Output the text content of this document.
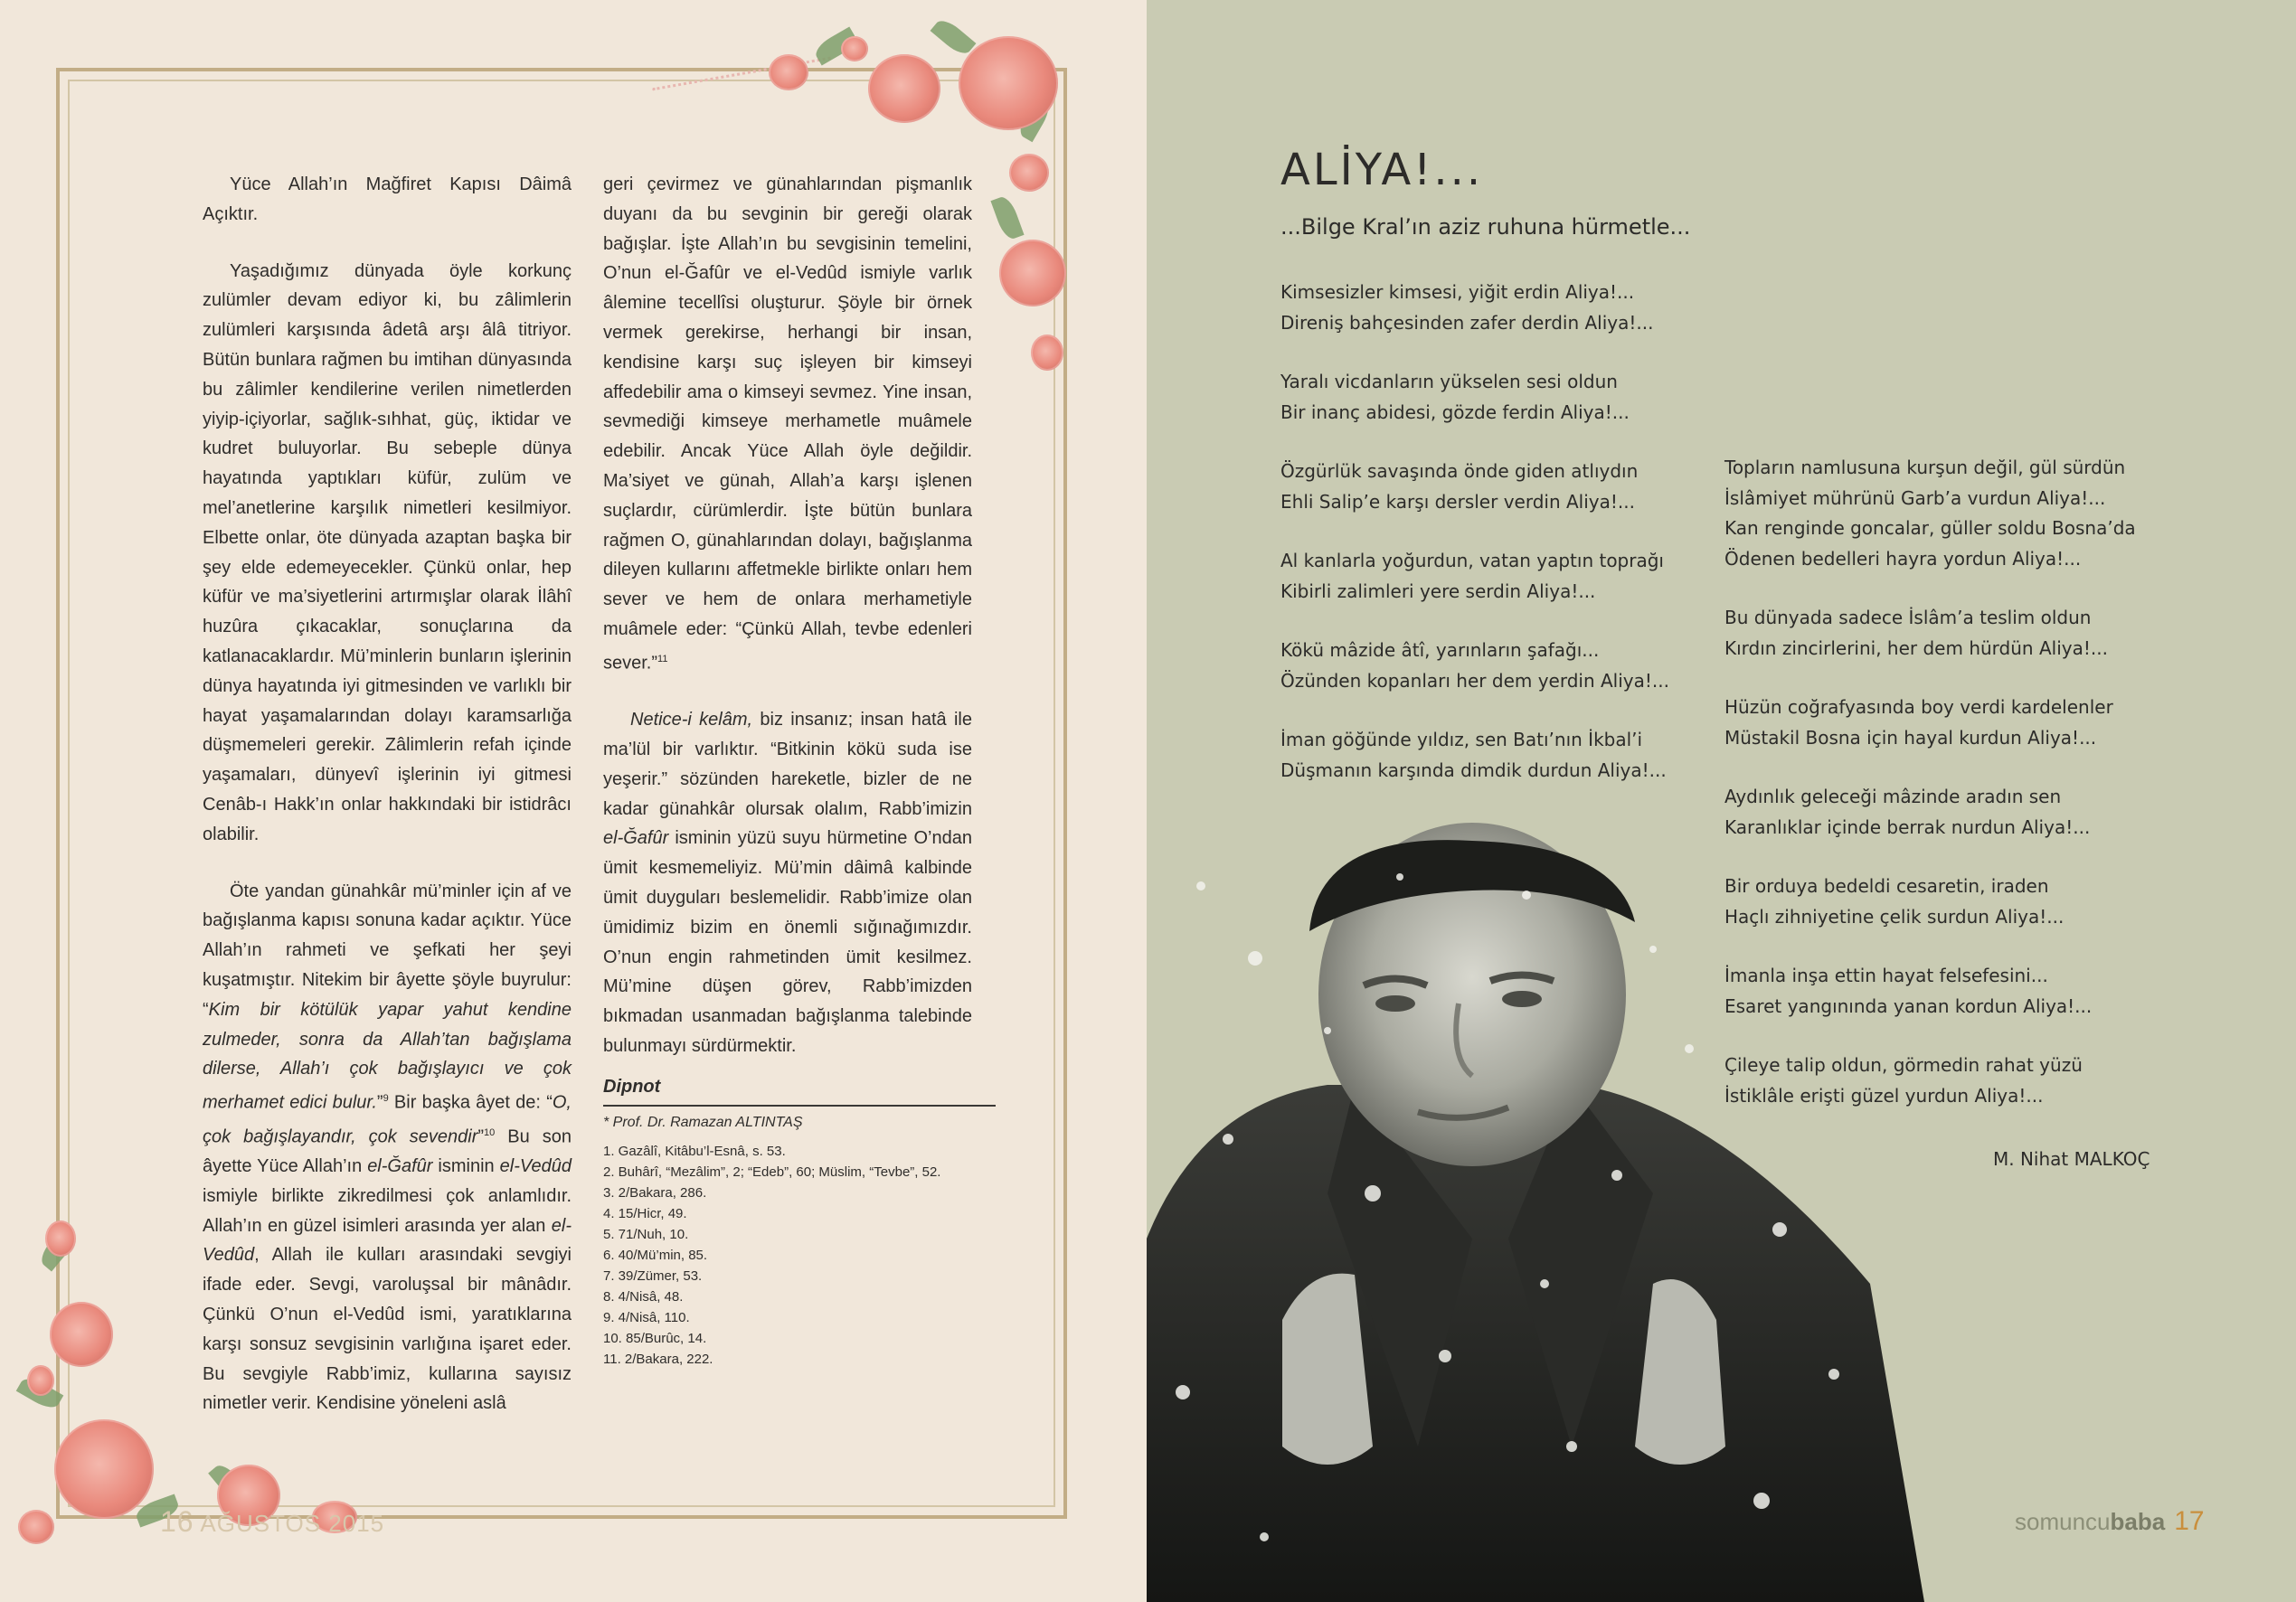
Yüce Allah’ın Mağfiret Kapısı Dâimâ Açıktır.

Yaşadığımız dünyada öyle korkunç zulümler devam ediyor ki, bu zâlimlerin zulümleri karşısında âdetâ arşı âlâ titriyor. Bütün bunlara rağmen bu imtihan dünyasında bu zâlimler kendilerine verilen nimetlerden yiyip-içiyorlar, sağlık-sıhhat, güç, iktidar ve kudret buluyorlar. Bu sebeple dünya hayatında yaptıkları küfür, zulüm ve mel’anetlerine karşılık nimetleri kesilmiyor. Elbette onlar, öte dünyada azaptan başka bir şey elde edemeyecekler. Çünkü onlar, hep küfür ve ma’siyetlerini artırmışlar olarak İlâhî huzûra çıkacaklar, sonuçlarına da katlanacaklardır. Mü’minlerin bunların işlerinin dünya hayatında iyi gitmesinden ve varlıklı bir hayat yaşamalarından dolayı karamsarlığa düşmemeleri gerekir. Zâlimlerin refah içinde yaşamaları, dünyevî işlerinin iyi gitmesi Cenâb-ı Hakk’ın onlar hakkındaki bir istidrâcı olabilir.

Öte yandan günahkâr mü’minler için af ve bağışlanma kapısı sonuna kadar açıktır. Yüce Allah’ın rahmeti ve şefkati her şeyi kuşatmıştır. Nitekim bir âyette şöyle buyrulur: “Kim bir kötülük yapar yahut kendine zulmeder, sonra da Allah’tan bağışlama dilerse, Allah’ı çok bağışlayıcı ve çok merhamet edici bulur.”$^9$ Bir başka âyet de: “O, çok bağışlayandır, çok sevendir”$^{10}$ Bu son âyette Yüce Allah’ın el-Ğafûr isminin el-Vedûd ismiyle birlikte zikredilmesi çok anlamlıdır. Allah’ın en güzel isimleri arasında yer alan el-Vedûd, Allah ile kulları arasındaki sevgiyi ifade eder. Sevgi, varoluşsal bir mânâdır. Çünkü O’nun el-Vedûd ismi, yaratıklarına karşı sonsuz sevgisinin varlığına işaret eder. Bu sevgiyle Rabb’imiz, kullarına sayısız nimetler verir. Kendisine yöneleni aslâ

geri çevirmez ve günahlarından pişmanlık duyanı da bu sevginin bir gereği olarak bağışlar. İşte Allah’ın bu sevgisinin temelini, O’nun el-Ğafûr ve el-Vedûd ismiyle varlık âlemine tecellîsi oluşturur. Şöyle bir örnek vermek gerekirse, herhangi bir insan, kendisine karşı suç işleyen bir kimseyi affedebilir ama o kimseyi sevmez. Yine insan, sevmediği kimseye merhametle muâmele edebilir. Ancak Yüce Allah öyle değildir. Ma’siyet ve günah, Allah’a karşı işlenen suçlardır, cürümlerdir. İşte bütün bunlara rağmen O, günahlarından dolayı, bağışlanma dileyen kullarını affetmekle birlikte onları hem sever ve hem de onlara merhametiyle muâmele eder: “Çünkü Allah, tevbe edenleri sever.”$^{11}$

Netice-i kelâm, biz insanız; insan hatâ ile ma’lül bir varlıktır. “Bitkinin kökü suda ise yeşerir.” sözünden hareketle, bizler de ne kadar günahkâr olursak olalım, Rabb’imizin el-Ğafûr isminin yüzü suyu hürmetine O’ndan ümit kesmemeliyiz. Mü’min dâimâ kalbinde ümit duyguları beslemelidir. Rabb’imize olan ümidimiz bizim en önemli sığınağımızdır. O’nun engin rahmetinden ümit kesilmez. Mü’mine düşen görev, Rabb’imizden bıkmadan usanmadan bağışlanma talebinde bulunmayı sürdürmektir.

Dipnot
* Prof. Dr. Ramazan ALTINTAŞ
1. Gazâlî, Kitâbu’l-Esnâ, s. 53.
2. Buhârî, “Mezâlim”, 2; “Edeb”, 60; Müslim, “Tevbe”, 52.
3. 2/Bakara, 286.
4. 15/Hicr, 49.
5. 71/Nuh, 10.
6. 40/Mü’min, 85.
7. 39/Zümer, 53.
8. 4/Nisâ, 48.
9. 4/Nisâ, 110.
10. 85/Burûc, 14.
11. 2/Bakara, 222.
16 AĞUSTOS 2015
ALİYA!...
...Bilge Kral’ın aziz ruhuna hürmetle...
Kimsesizler kimsesi, yiğit erdin Aliya!...
Direniş bahçesinden zafer derdin Aliya!...
Yaralı vicdanların yükselen sesi oldun
Bir inanç abidesi, gözde ferdin Aliya!...
Özgürlük savaşında önde giden atlıydın
Ehli Salip’e karşı dersler verdin Aliya!...
Al kanlarla yoğurdun, vatan yaptın toprağı
Kibirli zalimleri yere serdin Aliya!...
Kökü mâzide âtî, yarınların şafağı...
Özünden kopanları her dem yerdin Aliya!...
İman göğünde yıldız, sen Batı’nın İkbal’i
Düşmanın karşında dimdik durdun Aliya!...
Topların namlusuna kurşun değil, gül sürdün
İslâmiyet mührünü Garb’a vurdun Aliya!...
Kan renginde goncalar, güller soldu Bosna’da
Ödenen bedelleri hayra yordun Aliya!...
Bu dünyada sadece İslâm’a teslim oldun
Kırdın zincirlerini, her dem hürdün Aliya!...
Hüzün coğrafyasında boy verdi kardelenler
Müstakil Bosna için hayal kurdun Aliya!...
Aydınlık geleceği mâzinde aradın sen
Karanlıklar içinde berrak nurdun Aliya!...
Bir orduya bedeldi cesaretin, iraden
Haçlı zihniyetine çelik surdun Aliya!...
İmanla inşa ettin hayat felsefesini...
Esaret yangınında yanan kordun Aliya!...
Çileye talip oldun, görmedin rahat yüzü
İstiklâle erişti güzel yurdun Aliya!...
M. Nihat MALKOÇ
somuncubaba 17
